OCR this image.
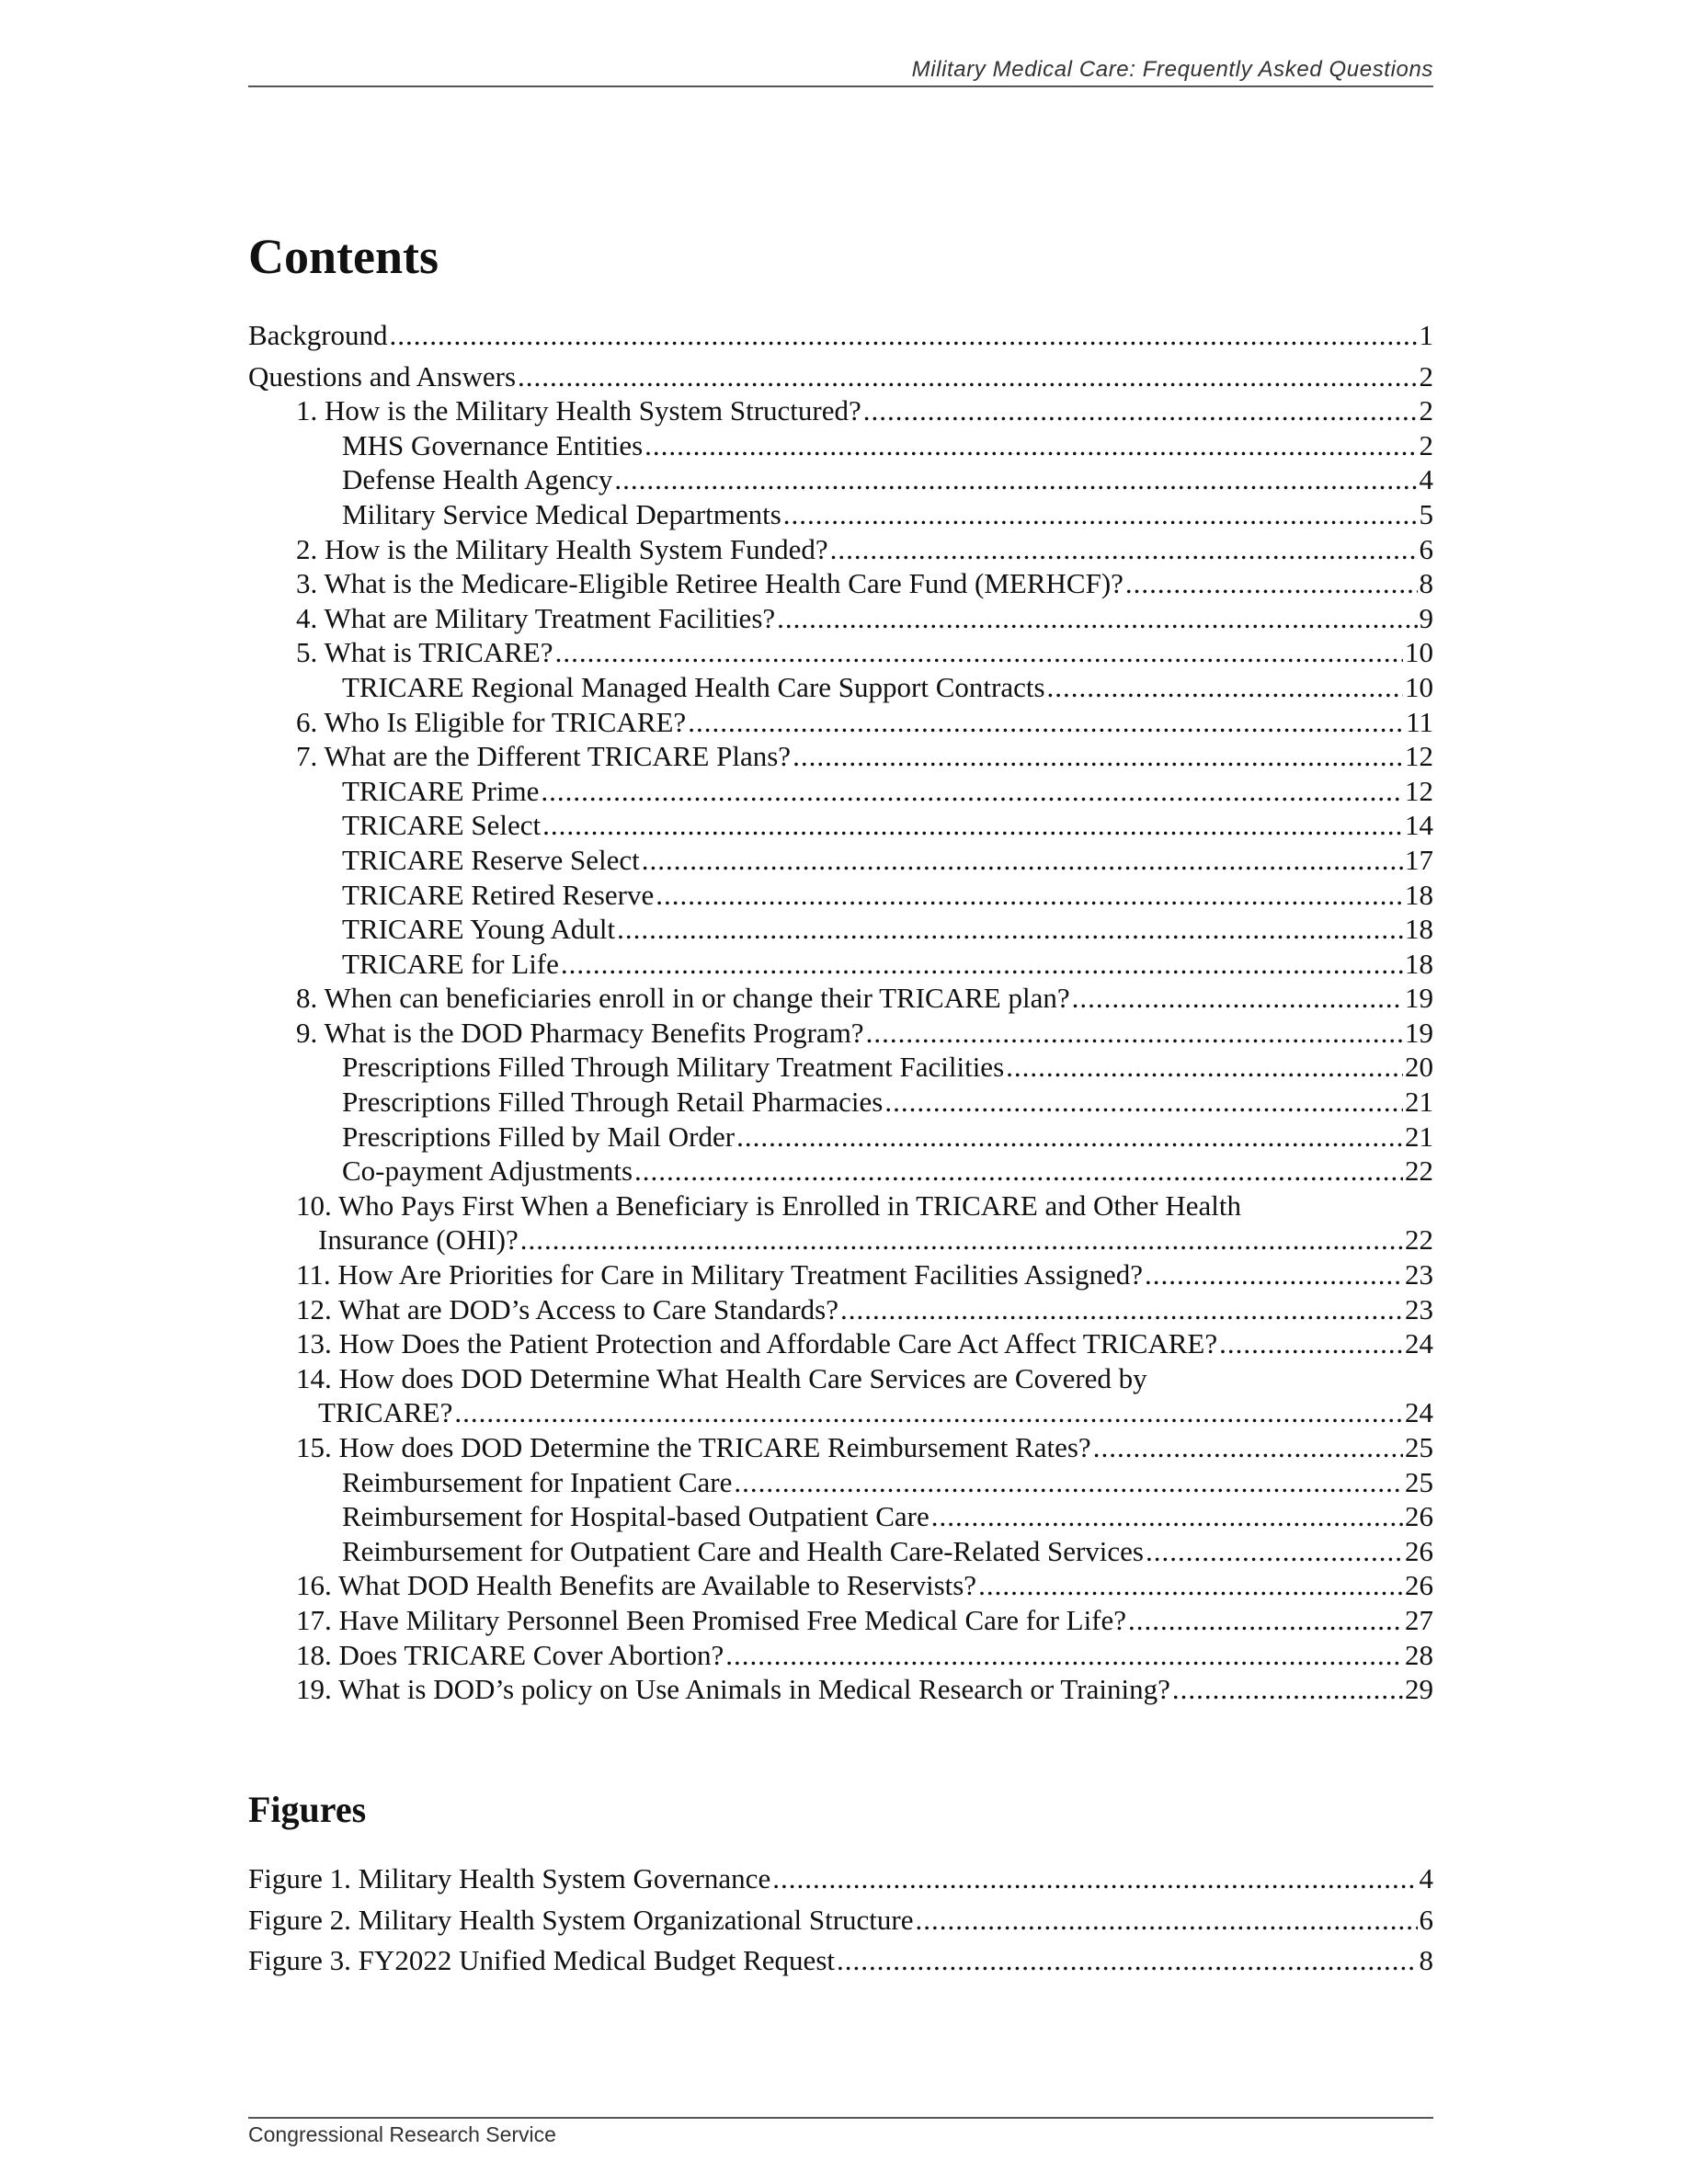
Military Medical Care: Frequently Asked Questions
Contents
Background .....	1
Questions and Answers .....	2
1. How is the Military Health System Structured? .....	2
MHS Governance Entities .....	2
Defense Health Agency .....	4
Military Service Medical Departments .....	5
2. How is the Military Health System Funded? .....	6
3. What is the Medicare-Eligible Retiree Health Care Fund (MERHCF)? .....	8
4. What are Military Treatment Facilities? .....	9
5. What is TRICARE? .....	10
TRICARE Regional Managed Health Care Support Contracts .....	10
6. Who Is Eligible for TRICARE? .....	11
7. What are the Different TRICARE Plans? .....	12
TRICARE Prime .....	12
TRICARE Select .....	14
TRICARE Reserve Select .....	17
TRICARE Retired Reserve .....	18
TRICARE Young Adult .....	18
TRICARE for Life .....	18
8. When can beneficiaries enroll in or change their TRICARE plan? .....	19
9. What is the DOD Pharmacy Benefits Program? .....	19
Prescriptions Filled Through Military Treatment Facilities .....	20
Prescriptions Filled Through Retail Pharmacies .....	21
Prescriptions Filled by Mail Order .....	21
Co-payment Adjustments .....	22
10. Who Pays First When a Beneficiary is Enrolled in TRICARE and Other Health
Insurance (OHI)? .....	22
11. How Are Priorities for Care in Military Treatment Facilities Assigned? .....	23
12. What are DOD’s Access to Care Standards? .....	23
13. How Does the Patient Protection and Affordable Care Act Affect TRICARE? .....	24
14. How does DOD Determine What Health Care Services are Covered by
TRICARE? .....	24
15. How does DOD Determine the TRICARE Reimbursement Rates? .....	25
Reimbursement for Inpatient Care .....	25
Reimbursement for Hospital-based Outpatient Care .....	26
Reimbursement for Outpatient Care and Health Care-Related Services .....	26
16. What DOD Health Benefits are Available to Reservists? .....	26
17. Have Military Personnel Been Promised Free Medical Care for Life? .....	27
18. Does TRICARE Cover Abortion? .....	28
19. What is DOD’s policy on Use Animals in Medical Research or Training? .....	29
Figures
Figure 1. Military Health System Governance .....	4
Figure 2. Military Health System Organizational Structure .....	6
Figure 3. FY2022 Unified Medical Budget Request .....	8
Congressional Research Service
